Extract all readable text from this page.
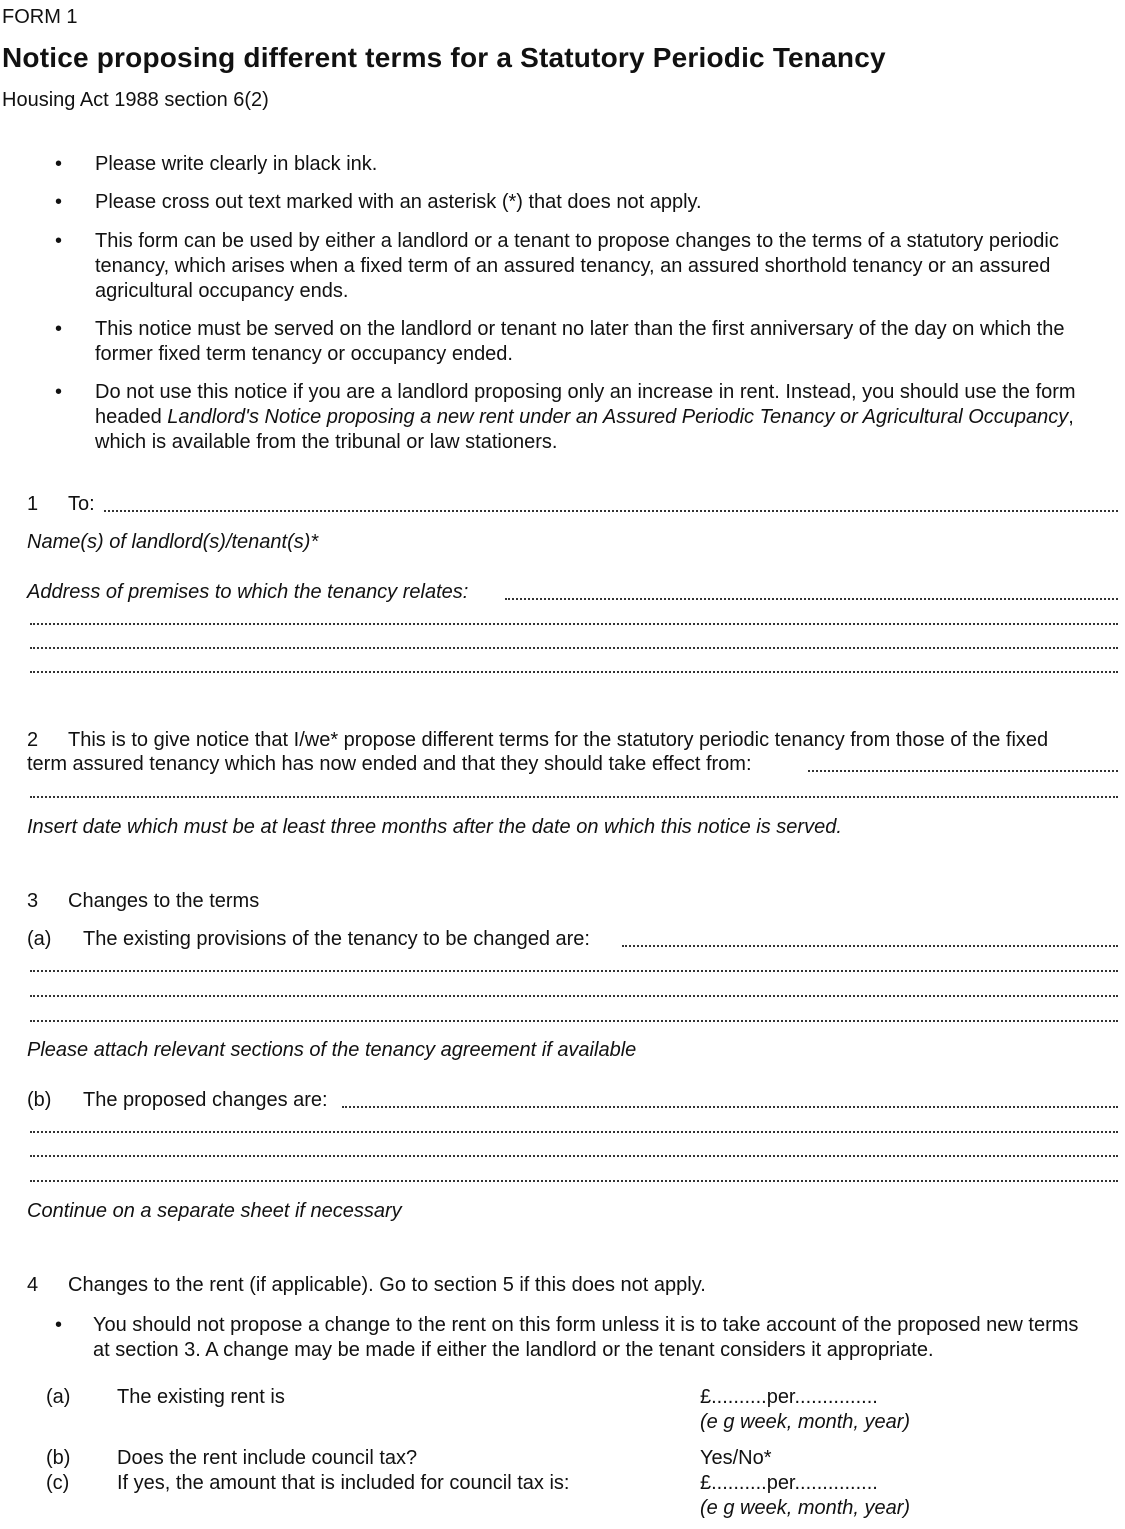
FORM 1
Notice proposing different terms for a Statutory Periodic Tenancy
Housing Act 1988 section 6(2)
• Please write clearly in black ink.
• Please cross out text marked with an asterisk (*) that does not apply.
• This form can be used by either a landlord or a tenant to propose changes to the terms of a statutory periodic tenancy, which arises when a fixed term of an assured tenancy, an assured shorthold tenancy or an assured agricultural occupancy ends.
• This notice must be served on the landlord or tenant no later than the first anniversary of the day on which the former fixed term tenancy or occupancy ended.
• Do not use this notice if you are a landlord proposing only an increase in rent. Instead, you should use the form headed Landlord's Notice proposing a new rent under an Assured Periodic Tenancy or Agricultural Occupancy, which is available from the tribunal or law stationers.
1 To:
Name(s) of landlord(s)/tenant(s)*
Address of premises to which the tenancy relates:
2 This is to give notice that I/we* propose different terms for the statutory periodic tenancy from those of the fixed
term assured tenancy which has now ended and that they should take effect from:
Insert date which must be at least three months after the date on which this notice is served.
3 Changes to the terms
(a) The existing provisions of the tenancy to be changed are:
Please attach relevant sections of the tenancy agreement if available
(b) The proposed changes are:
Continue on a separate sheet if necessary
4 Changes to the rent (if applicable). Go to section 5 if this does not apply.
• You should not propose a change to the rent on this form unless it is to take account of the proposed new terms at section 3. A change may be made if either the landlord or the tenant considers it appropriate.
(a) The existing rent is	£..........per...............
(e g week, month, year)
(b) Does the rent include council tax?	Yes/No*
(c) If yes, the amount that is included for council tax is:	£..........per...............
(e g week, month, year)
